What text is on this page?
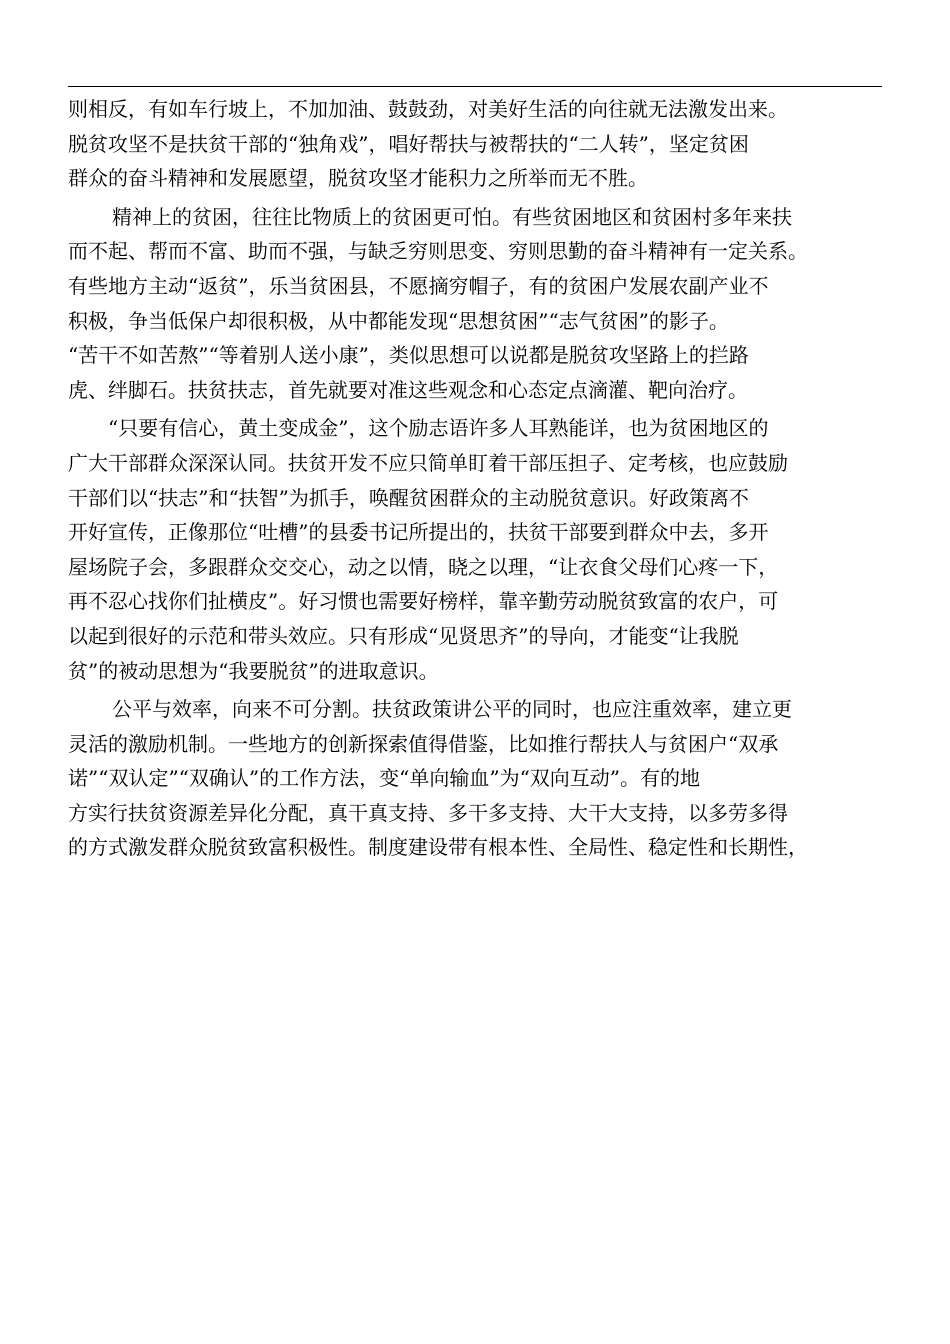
则相反，有如车行坡上，不加加油、鼓鼓劲，对美好生活的向往就无法激发出来。
脱贫攻坚不是扶贫干部的“独角戏”，唱好帮扶与被帮扶的“二人转”，坚定贫困
群众的奋斗精神和发展愿望，脱贫攻坚才能积力之所举而无不胜。
精神上的贫困，往往比物质上的贫困更可怕。有些贫困地区和贫困村多年来扶
而不起、帮而不富、助而不强，与缺乏穷则思变、穷则思勤的奋斗精神有一定关系。
有些地方主动“返贫”，乐当贫困县，不愿摘穷帽子，有的贫困户发展农副产业不
积极，争当低保户却很积极，从中都能发现“思想贫困”“志气贫困”的影子。
“苦干不如苦熬”“等着别人送小康”，类似思想可以说都是脱贫攻坚路上的拦路
虎、绊脚石。扶贫扶志，首先就要对准这些观念和心态定点滴灌、靶向治疗。
“只要有信心，黄土变成金”，这个励志语许多人耳熟能详，也为贫困地区的
广大干部群众深深认同。扶贫开发不应只简单盯着干部压担子、定考核，也应鼓励
干部们以“扶志”和“扶智”为抓手，唤醒贫困群众的主动脱贫意识。好政策离不
开好宣传，正像那位“吐槽”的县委书记所提出的，扶贫干部要到群众中去，多开
屋场院子会，多跟群众交交心，动之以情，晓之以理，“让衣食父母们心疼一下，
再不忍心找你们扯横皮”。好习惯也需要好榜样，靠辛勤劳动脱贫致富的农户，可
以起到很好的示范和带头效应。只有形成“见贤思齐”的导向，才能变“让我脱
贫”的被动思想为“我要脱贫”的进取意识。
公平与效率，向来不可分割。扶贫政策讲公平的同时，也应注重效率，建立更
灵活的激励机制。一些地方的创新探索值得借鉴，比如推行帮扶人与贫困户“双承
诺”“双认定”“双确认”的工作方法，变“单向输血”为“双向互动”。有的地
方实行扶贫资源差异化分配，真干真支持、多干多支持、大干大支持，以多劳多得
的方式激发群众脱贫致富积极性。制度建设带有根本性、全局性、稳定性和长期性，
